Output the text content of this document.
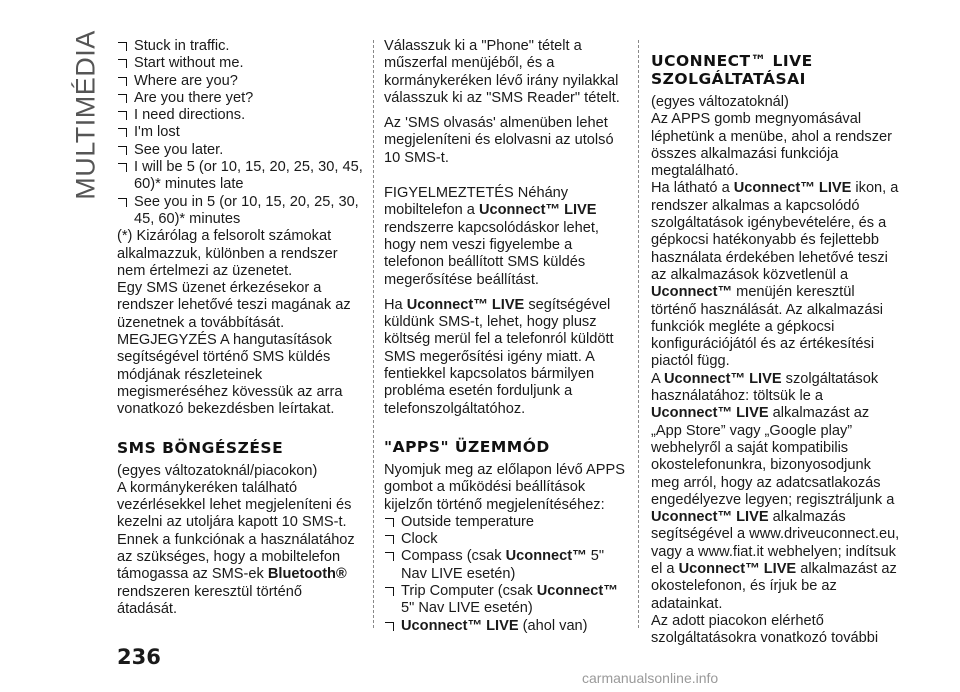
MULTIMÉDIA	Stuck in traffic.
Start without me.
Where are you?
Are you there yet?
I need directions.
I'm lost
See you later.
I will be 5 (or 10, 15, 20, 25, 30, 45, 60)* minutes late
See you in 5 (or 10, 15, 20, 25, 30, 45, 60)* minutes

(*) Kizárólag a felsorolt számokat alkalmazzuk, különben a rendszer nem értelmezi az üzenetet.

Egy SMS üzenet érkezésekor a rendszer lehetővé teszi magának az üzenetnek a továbbítását.

MEGJEGYZÉS A hangutasítások segítségével történő SMS küldés módjának részleteinek megismeréséhez kövessük az arra vonatkozó bekezdésben leírtakat.

SMS BÖNGÉSZÉSE

(egyes változatoknál/piacokon)

A kormánykeréken található vezérlésekkel lehet megjeleníteni és kezelni az utoljára kapott 10 SMS-t.

Ennek a funkciónak a használatához az szükséges, hogy a mobiltelefon támogassa az SMS-ek Bluetooth® rendszeren keresztül történő átadását.

Válasszuk ki a "Phone" tételt a műszerfal menüjéből, és a kormánykeréken lévő irány nyilakkal válasszuk ki az "SMS Reader" tételt.

Az 'SMS olvasás' almenüben lehet megjeleníteni és elolvasni az utolsó 10 SMS-t.

FIGYELMEZTETÉS Néhány mobiltelefon a Uconnect™ LIVE rendszerre kapcsolódáskor lehet, hogy nem veszi figyelembe a telefonon beállított SMS küldés megerősítése beállítást.

Ha Uconnect™ LIVE segítségével küldünk SMS-t, lehet, hogy plusz költség merül fel a telefonról küldött SMS megerősítési igény miatt. A fentiekkel kapcsolatos bármilyen probléma esetén forduljunk a telefonszolgáltatóhoz.

"APPS" ÜZEMMÓD

Nyomjuk meg az előlapon lévő APPS gombot a működési beállítások kijelzőn történő megjelenítéséhez:

Outside temperature
Clock
Compass (csak Uconnect™ 5" Nav LIVE esetén)
Trip Computer (csak Uconnect™ 5" Nav LIVE esetén)
Uconnect™ LIVE (ahol van)
UCONNECT™ LIVE SZOLGÁLTATÁSAI

(egyes változatoknál)

Az APPS gomb megnyomásával léphetünk a menübe, ahol a rendszer összes alkalmazási funkciója megtalálható.

Ha látható a Uconnect™ LIVE ikon, a rendszer alkalmas a kapcsolódó szolgáltatások igénybevételére, és a gépkocsi hatékonyabb és fejlettebb használata érdekében lehetővé teszi az alkalmazások közvetlenül a Uconnect™ menüjén keresztül történő használását. Az alkalmazási funkciók megléte a gépkocsi konfigurációjától és az értékesítési piactól függ.

A Uconnect™ LIVE szolgáltatások használatához: töltsük le a Uconnect™ LIVE alkalmazást az „App Store” vagy „Google play” webhelyről a saját kompatibilis okostelefonunkra, bizonyosodjunk meg arról, hogy az adatcsatlakozás engedélyezve legyen; regisztráljunk a Uconnect™ LIVE alkalmazás segítségével a www.driveuconnect.eu, vagy a www.fiat.it webhelyen; indítsuk el a Uconnect™ LIVE alkalmazást az okostelefonon, és írjuk be az adatainkat.

Az adott piacokon elérhető szolgáltatásokra vonatkozó további

236
carmanualsonline.info
